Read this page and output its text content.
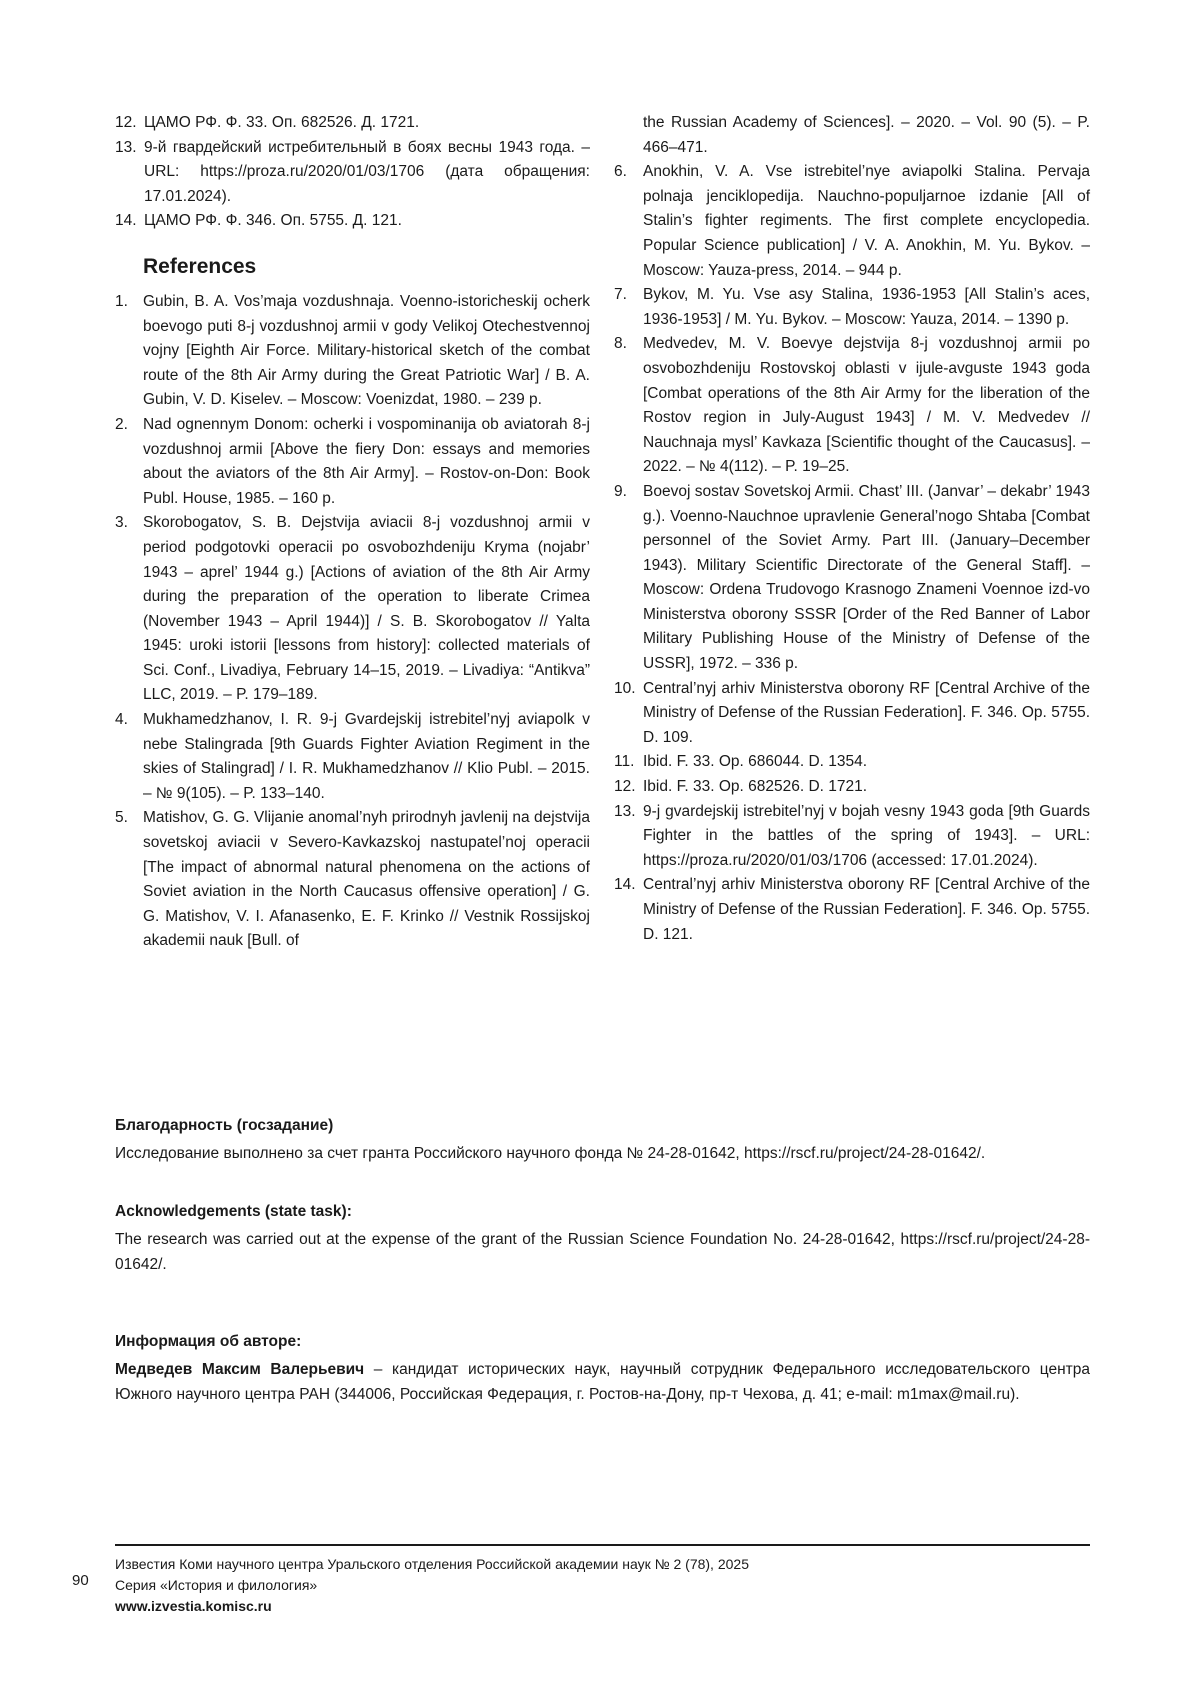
12. ЦАМО РФ. Ф. 33. Оп. 682526. Д. 1721.
13. 9-й гвардейский истребительный в боях весны 1943 года. – URL: https://proza.ru/2020/01/03/1706 (дата обращения: 17.01.2024).
14. ЦАМО РФ. Ф. 346. Оп. 5755. Д. 121.
References
1. Gubin, B. A. Vos’maja vozdushnaja. Voenno-istoricheskij ocherk boevogo puti 8-j vozdushnoj armii v gody Velikoj Otechestvennoj vojny [Eighth Air Force. Military-historical sketch of the combat route of the 8th Air Army during the Great Patriotic War] / B. A. Gubin, V. D. Kiselev. – Moscow: Voenizdat, 1980. – 239 p.
2. Nad ognennym Donom: ocherki i vospominanija ob aviatorah 8-j vozdushnoj armii [Above the fiery Don: essays and memories about the aviators of the 8th Air Army]. – Rostov-on-Don: Book Publ. House, 1985. – 160 p.
3. Skorobogatov, S. B. Dejstvija aviacii 8-j vozdushnoj armii v period podgotovki operacii po osvobozhdeniju Kryma (nojabr’ 1943 – aprel’ 1944 g.) [Actions of aviation of the 8th Air Army during the preparation of the operation to liberate Crimea (November 1943 – April 1944)] / S. B. Skorobogatov // Yalta 1945: uroki istorii [lessons from history]: collected materials of Sci. Conf., Livadiya, February 14–15, 2019. – Livadiya: “Antikva” LLC, 2019. – P. 179–189.
4. Mukhamedzhanov, I. R. 9-j Gvardejskij istrebitel’nyj aviapolk v nebe Stalingrada [9th Guards Fighter Aviation Regiment in the skies of Stalingrad] / I. R. Mukhamedzhanov // Klio Publ. – 2015. – № 9(105). – P. 133–140.
5. Matishov, G. G. Vlijanie anomal’nyh prirodnyh javlenij na dejstvija sovetskoj aviacii v Severo-Kavkazskoj nastupatel’noj operacii [The impact of abnormal natural phenomena on the actions of Soviet aviation in the North Caucasus offensive operation] / G. G. Matishov, V. I. Afanasenko, E. F. Krinko // Vestnik Rossijskoj akademii nauk [Bull. of
the Russian Academy of Sciences]. – 2020. – Vol. 90 (5). – P. 466–471.
6.	Anokhin, V. A. Vse istrebitel’nye aviapolki Stalina. Pervaja polnaja jenciklopedija. Nauchno-populjarnoe izdanie [All of Stalin’s fighter regiments. The first complete encyclopedia. Popular Science publication] / V. A. Anokhin, M. Yu. Bykov. – Moscow: Yauza-press, 2014. – 944 p.
7.	Bykov, M. Yu. Vse asy Stalina, 1936-1953 [All Stalin’s aces, 1936-1953] / M. Yu. Bykov. – Moscow: Yauza, 2014. – 1390 p.
8.	Medvedev, M. V. Boevye dejstvija 8-j vozdushnoj armii po osvobozhdeniju Rostovskoj oblasti v ijule-avguste 1943 goda [Combat operations of the 8th Air Army for the liberation of the Rostov region in July-August 1943] / M. V. Medvedev // Nauchnaja mysl’ Kavkaza [Scientific thought of the Caucasus]. – 2022. – № 4(112). – P. 19–25.
9.	Boevoj sostav Sovetskoj Armii. Chast’ III. (Janvar’ – dekabr’ 1943 g.). Voenno-Nauchnoe upravlenie General’nogo Shtaba [Combat personnel of the Soviet Army. Part III. (January–December 1943). Military Scientific Directorate of the General Staff]. – Moscow: Ordena Trudovogo Krasnogo Znameni Voennoe izd-vo Ministerstva oborony SSSR [Order of the Red Banner of Labor Military Publishing House of the Ministry of Defense of the USSR], 1972. – 336 p.
10. Central’nyj arhiv Ministerstva oborony RF [Central Archive of the Ministry of Defense of the Russian Federation]. F. 346. Op. 5755. D. 109.
11. Ibid. F. 33. Op. 686044. D. 1354.
12. Ibid. F. 33. Op. 682526. D. 1721.
13. 9-j gvardejskij istrebitel’nyj v bojah vesny 1943 goda [9th Guards Fighter in the battles of the spring of 1943]. – URL: https://proza.ru/2020/01/03/1706 (accessed: 17.01.2024).
14. Central’nyj arhiv Ministerstva oborony RF [Central Archive of the Ministry of Defense of the Russian Federation]. F. 346. Op. 5755. D. 121.
Благодарность (госзадание)
Исследование выполнено за счет гранта Российского научного фонда № 24-28-01642, https://rscf.ru/project/24-28-01642/.
Acknowledgements (state task):
The research was carried out at the expense of the grant of the Russian Science Foundation No. 24-28-01642, https://rscf.ru/project/24-28-01642/.
Информация об авторе:
Медведев Максим Валерьевич – кандидат исторических наук, научный сотрудник Федерального исследовательского центра Южного научного центра РАН (344006, Российская Федерация, г. Ростов-на-Дону, пр-т Чехова, д. 41; e-mail: m1max@mail.ru).
90
Известия Коми научного центра Уральского отделения Российской академии наук № 2 (78), 2025
Серия «История и филология»
www.izvestia.komisc.ru
